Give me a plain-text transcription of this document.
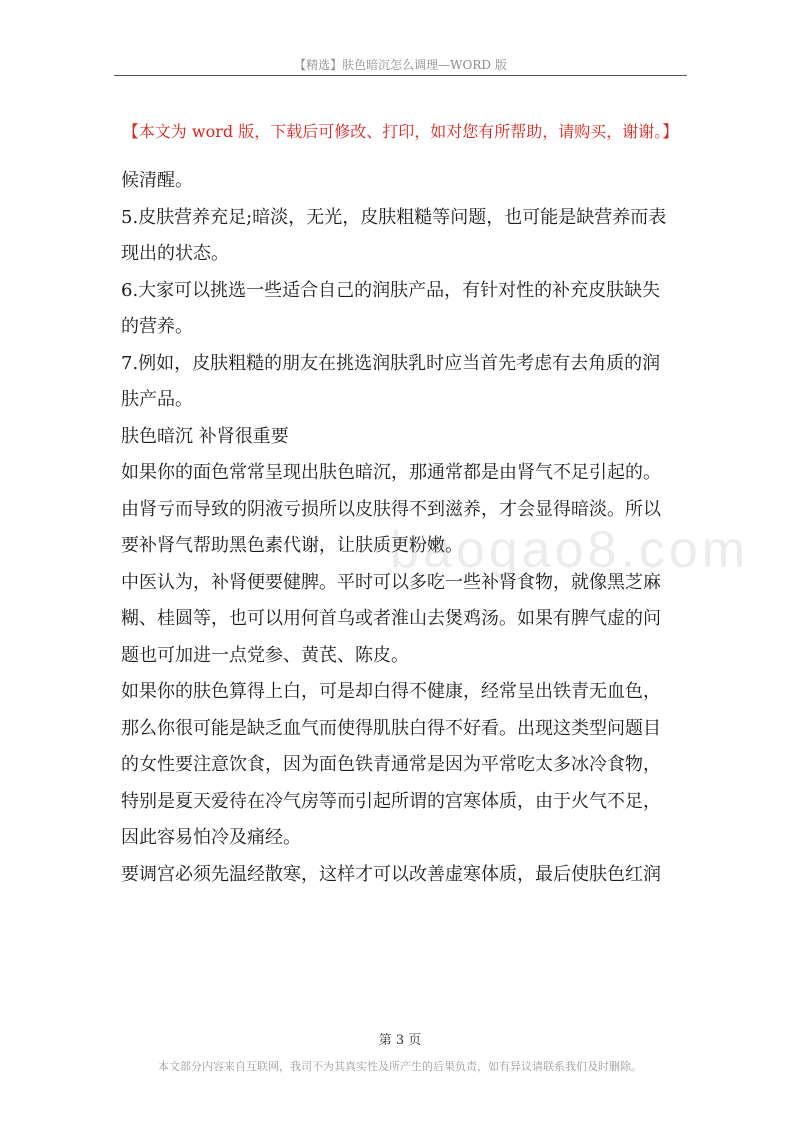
【精选】肤色暗沉怎么调理—WORD 版
【本文为 word 版，下载后可修改、打印，如对您有所帮助，请购买，谢谢。】
baogao8.com
候清醒。
5.皮肤营养充足;暗淡，无光，皮肤粗糙等问题，也可能是缺营养而表
现出的状态。
6.大家可以挑选一些适合自己的润肤产品，有针对性的补充皮肤缺失
的营养。
7.例如，皮肤粗糙的朋友在挑选润肤乳时应当首先考虑有去角质的润
肤产品。
肤色暗沉 补肾很重要
如果你的面色常常呈现出肤色暗沉，那通常都是由肾气不足引起的。
由肾亏而导致的阴液亏损所以皮肤得不到滋养，才会显得暗淡。所以
要补肾气帮助黑色素代谢，让肤质更粉嫩。
中医认为，补肾便要健脾。平时可以多吃一些补肾食物，就像黑芝麻
糊、桂圆等，也可以用何首乌或者淮山去煲鸡汤。如果有脾气虚的问
题也可加进一点党参、黄芪、陈皮。
如果你的肤色算得上白，可是却白得不健康，经常呈出铁青无血色，
那么你很可能是缺乏血气而使得肌肤白得不好看。出现这类型问题目
的女性要注意饮食，因为面色铁青通常是因为平常吃太多冰冷食物，
特别是夏天爱待在冷气房等而引起所谓的宫寒体质，由于火气不足，
因此容易怕冷及痛经。
要调宫必须先温经散寒，这样才可以改善虚寒体质，最后使肤色红润
第 3 页
本文部分内容来自互联网，我司不为其真实性及所产生的后果负责，如有异议请联系我们及时删除。
